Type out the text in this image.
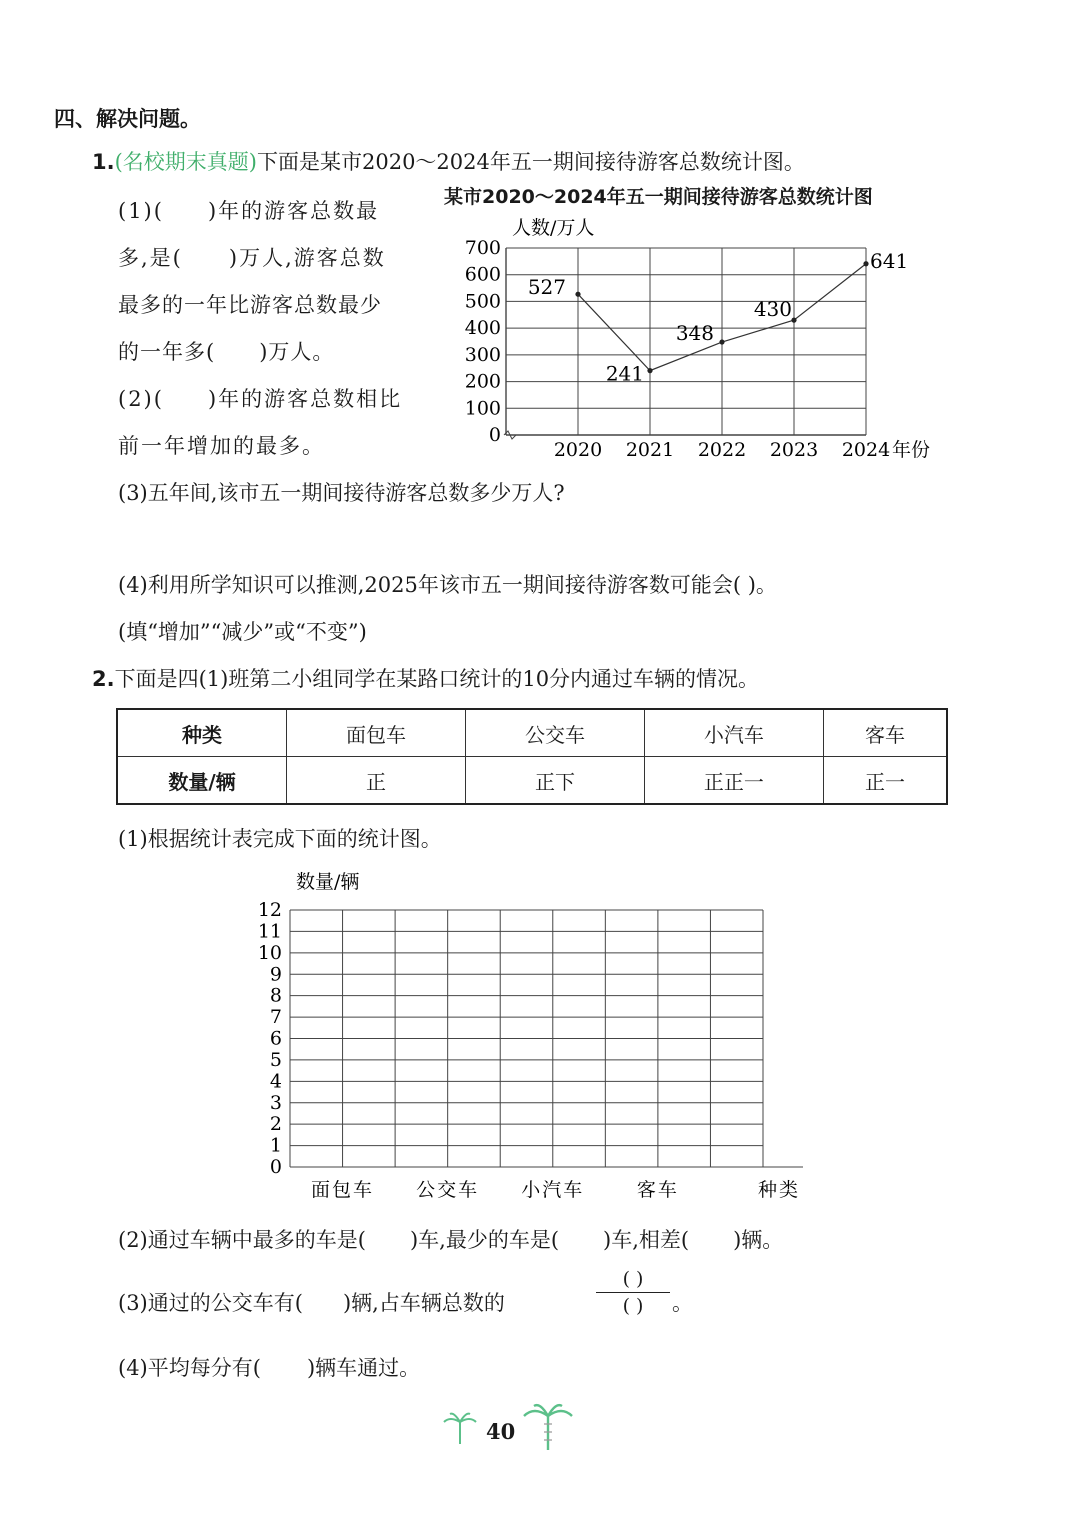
四、解决问题。
1.(名校期末真题)下面是某市2020～2024年五一期间接待游客总数统计图。
某市2020～2024年五一期间接待游客总数统计图
(1)( )年的游客总数最
多,是( )万人,游客总数
最多的一年比游客总数最少
的一年多( )万人。
(2)( )年的游客总数相比
前一年增加的最多。	0
100
200
300
400
500
600
700
2020 2021 2022 2023 2024
527
241
348
430
641
人数/万人
年份
(3)五年间,该市五一期间接待游客总数多少万人?
(4)利用所学知识可以推测,2025年该市五一期间接待游客数可能会( )。
(填“增加”“减少”或“不变”)
2.下面是四(1)班第二小组同学在某路口统计的10分内通过车辆的情况。
种类	面包车	公交车	小汽车	客车
数量/辆	正	正下	正正一	正一
(1)根据统计表完成下面的统计图。
0
1
2
3
4
5
6
7
8
9
10
11
12
面包车 公交车 小汽车	客车
数量/辆
种类
(2)通过车辆中最多的车是( )车,最少的车是( )车,相差( )辆。
(3)通过的公交车有( )辆,占车辆总数的
( )
( )	。
(4)平均每分有( )辆车通过。
40
